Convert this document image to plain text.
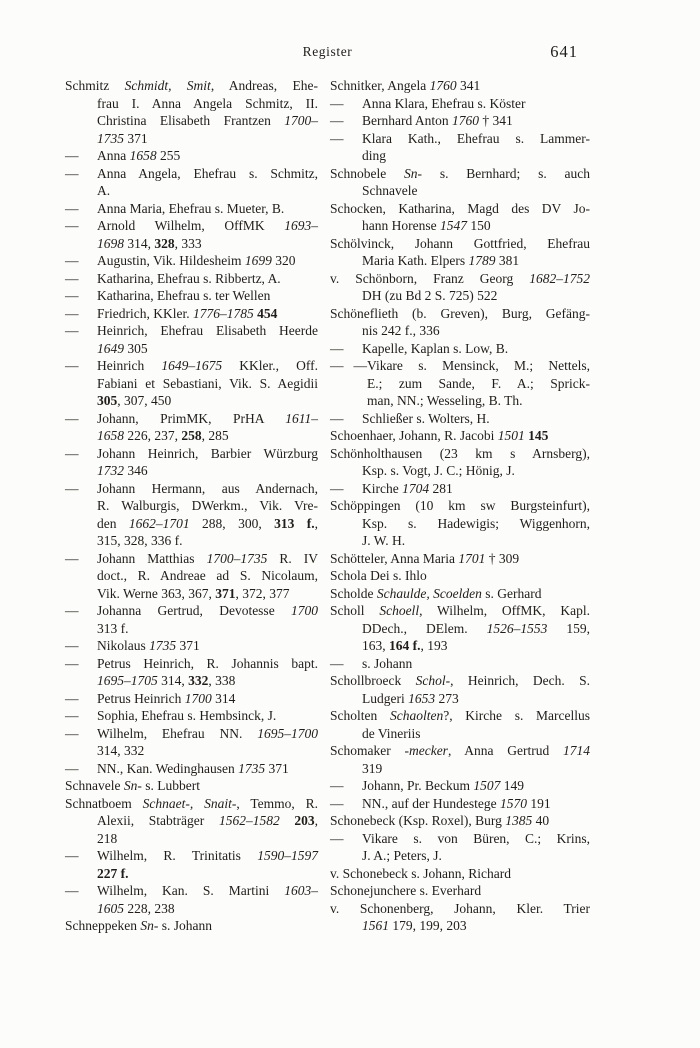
Register	641
Schmitz Schmidt, Smit, Andreas, Ehe-
frau I. Anna Angela Schmitz, II.
Christina Elisabeth Frantzen 1700–
1735 371
— Anna 1658 255
— Anna Angela, Ehefrau s. Schmitz,
A.
— Anna Maria, Ehefrau s. Mueter, B.
— Arnold Wilhelm, OffMK 1693–
1698 314, 328, 333
— Augustin, Vik. Hildesheim 1699 320
— Katharina, Ehefrau s. Ribbertz, A.
— Katharina, Ehefrau s. ter Wellen
— Friedrich, KKler. 1776–1785 454
— Heinrich, Ehefrau Elisabeth Heerde
1649 305
— Heinrich 1649–1675 KKler., Off.
Fabiani et Sebastiani, Vik. S. Aegidii
305, 307, 450
— Johann, PrimMK, PrHA 1611–
1658 226, 237, 258, 285
— Johann Heinrich, Barbier Würzburg
1732 346
— Johann Hermann, aus Andernach,
R. Walburgis, DWerkm., Vik. Vre-
den 1662–1701 288, 300, 313 f.,
315, 328, 336 f.
— Johann Matthias 1700–1735 R. IV
doct., R. Andreae ad S. Nicolaum,
Vik. Werne 363, 367, 371, 372, 377
— Johanna Gertrud, Devotesse 1700
313 f.
— Nikolaus 1735 371
— Petrus Heinrich, R. Johannis bapt.
1695–1705 314, 332, 338
— Petrus Heinrich 1700 314
— Sophia, Ehefrau s. Hembsinck, J.
— Wilhelm, Ehefrau NN. 1695–1700
314, 332
— NN., Kan. Wedinghausen 1735 371
Schnavele Sn- s. Lubbert
Schnatboem Schnaet-, Snait-, Temmo, R.
Alexii, Stabträger 1562–1582 203,
218
— Wilhelm, R. Trinitatis 1590–1597
227 f.
— Wilhelm, Kan. S. Martini 1603–
1605 228, 238
Schneppeken Sn- s. Johann
Schnitker, Angela 1760 341
— Anna Klara, Ehefrau s. Köster
— Bernhard Anton 1760 † 341
— Klara Kath., Ehefrau s. Lammer-
ding
Schnobele Sn- s. Bernhard; s. auch
Schnavele
Schocken, Katharina, Magd des DV Jo-
hann Horense 1547 150
Schölvinck, Johann Gottfried, Ehefrau
Maria Kath. Elpers 1789 381
v. Schönborn, Franz Georg 1682–1752
DH (zu Bd 2 S. 725) 522
Schöneflieth (b. Greven), Burg, Gefäng-
nis 242 f., 336
— Kapelle, Kaplan s. Low, B.
— —Vikare s. Mensinck, M.; Nettels,
E.; zum Sande, F. A.; Sprick-
man, NN.; Wesseling, B. Th.
— Schließer s. Wolters, H.
Schoenhaer, Johann, R. Jacobi 1501 145
Schönholthausen (23 km s Arnsberg),
Ksp. s. Vogt, J. C.; Hönig, J.
— Kirche 1704 281
Schöppingen (10 km sw Burgsteinfurt),
Ksp. s. Hadewigis; Wiggenhorn,
J. W. H.
Schötteler, Anna Maria 1701 † 309
Schola Dei s. Ihlo
Scholde Schaulde, Scoelden s. Gerhard
Scholl Schoell, Wilhelm, OffMK, Kapl.
DDech., DElem. 1526–1553 159,
163, 164 f., 193
— s. Johann
Schollbroeck Schol-, Heinrich, Dech. S.
Ludgeri 1653 273
Scholten Schaolten?, Kirche s. Marcellus
de Vineriis
Schomaker -mecker, Anna Gertrud 1714
319
— Johann, Pr. Beckum 1507 149
— NN., auf der Hundestege 1570 191
Schonebeck (Ksp. Roxel), Burg 1385 40
— Vikare s. von Büren, C.; Krins,
J. A.; Peters, J.
v. Schonebeck s. Johann, Richard
Schonejunchere s. Everhard
v. Schonenberg, Johann, Kler. Trier
1561 179, 199, 203
